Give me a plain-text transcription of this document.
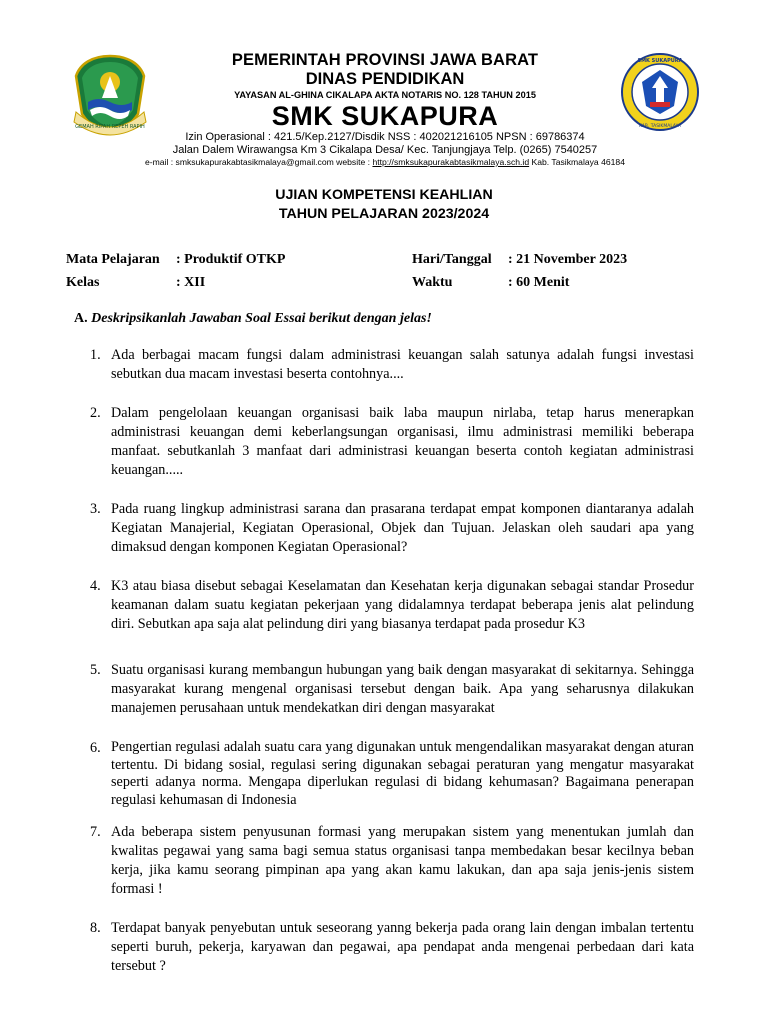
GEMAH RIPAH REPEH RAPIH
PEMERINTAH PROVINSI JAWA BARAT
DINAS PENDIDIKAN
YAYASAN AL-GHINA CIKALAPA AKTA NOTARIS NO. 128 TAHUN 2015
SMK SUKAPURA
Izin Operasional : 421.5/Kep.2127/Disdik NSS : 402021216105 NPSN : 69786374
Jalan Dalem Wirawangsa Km 3 Cikalapa Desa/ Kec. Tanjungjaya Telp. (0265) 7540257
e-mail : smksukapurakabtasikmalaya@gmail.com website : http://smksukapurakabtasikmalaya.sch.id Kab. Tasikmalaya 46184
SMK SUKAPURA
KAB. TASIKMALAYA
UJIAN KOMPETENSI KEAHLIAN
TAHUN PELAJARAN 2023/2024
Mata Pelajaran : Produktif OTKP
Kelas	: XII
Hari/Tanggal : 21 November 2023
Waktu	: 60 Menit
A. Deskripsikanlah Jawaban Soal Essai berikut dengan jelas!
1. Ada berbagai macam fungsi dalam administrasi keuangan salah satunya adalah fungsi investasi sebutkan dua macam investasi beserta contohnya....
2. Dalam pengelolaan keuangan organisasi baik laba maupun nirlaba, tetap harus menerapkan administrasi keuangan demi keberlangsungan organisasi, ilmu administrasi memiliki beberapa manfaat. sebutkanlah 3 manfaat dari administrasi keuangan beserta contoh kegiatan administrasi keuangan.....
3. Pada ruang lingkup administrasi sarana dan prasarana terdapat empat komponen diantaranya adalah Kegiatan Manajerial, Kegiatan Operasional, Objek dan Tujuan. Jelaskan oleh saudari apa yang dimaksud dengan komponen Kegiatan Operasional?
4. K3 atau biasa disebut sebagai Keselamatan dan Kesehatan kerja digunakan sebagai standar Prosedur keamanan dalam suatu kegiatan pekerjaan yang didalamnya terdapat beberapa jenis alat pelindung diri. Sebutkan apa saja alat pelindung diri yang biasanya terdapat pada prosedur K3
5. Suatu organisasi kurang membangun hubungan yang baik dengan masyarakat di sekitarnya. Sehingga masyarakat kurang mengenal organisasi tersebut dengan baik. Apa yang seharusnya dilakukan manajemen perusahaan untuk mendekatkan diri dengan masyarakat
6. Pengertian regulasi adalah suatu cara yang digunakan untuk mengendalikan masyarakat dengan aturan tertentu. Di bidang sosial, regulasi sering digunakan sebagai peraturan yang mengatur masyarakat seperti adanya norma. Mengapa diperlukan regulasi di bidang kehumasan? Bagaimana penerapan regulasi kehumasan di Indonesia
7. Ada beberapa sistem penyusunan formasi yang merupakan sistem yang menentukan jumlah dan kwalitas pegawai yang sama bagi semua status organisasi tanpa membedakan besar kecilnya beban kerja, jika kamu seorang pimpinan apa yang akan kamu lakukan, dan apa saja jenis-jenis sistem formasi !
8. Terdapat banyak penyebutan untuk seseorang yanng bekerja pada orang lain dengan imbalan tertentu seperti buruh, pekerja, karyawan dan pegawai, apa pendapat anda mengenai perbedaan dari kata tersebut ?
